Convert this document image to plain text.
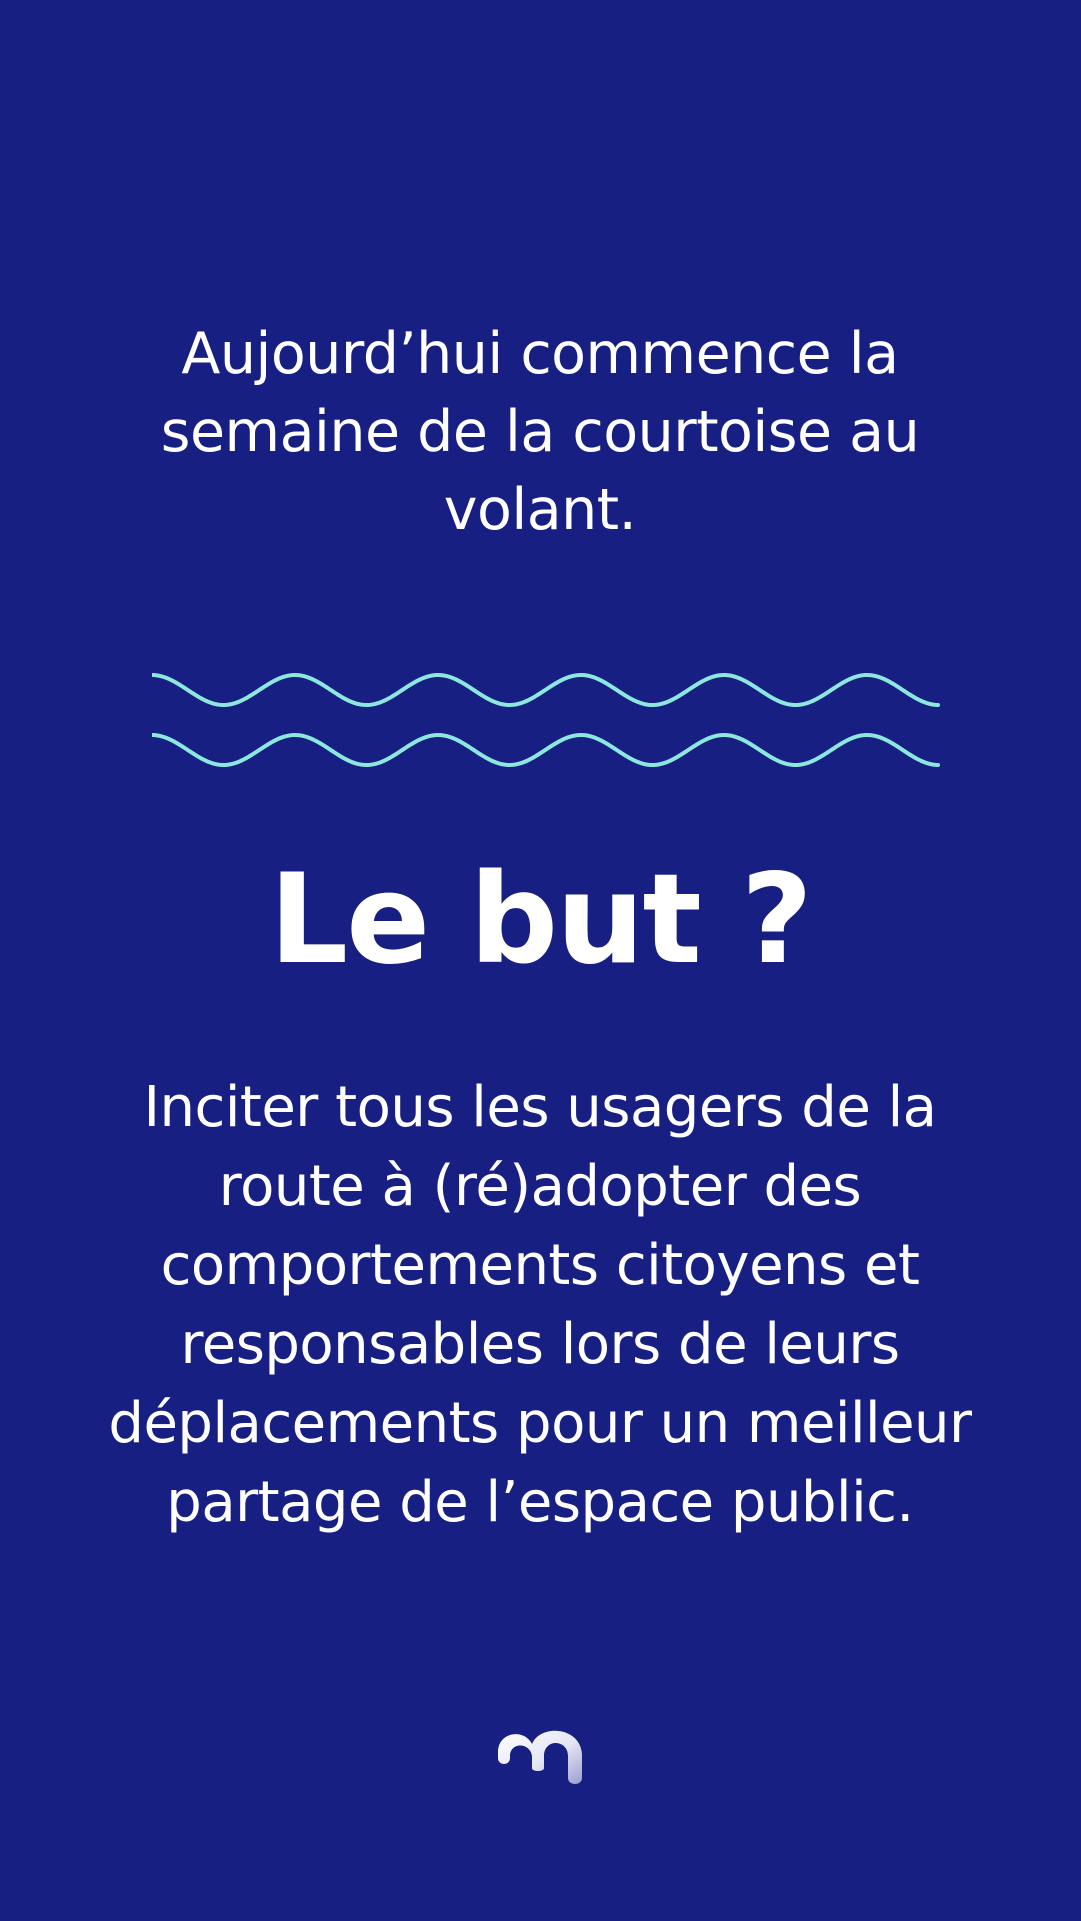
Aujourd’hui commence la semaine de la courtoise au volant.

Le but ?

Inciter tous les usagers de la route à (ré)adopter des comportements citoyens et responsables lors de leurs déplacements pour un meilleur partage de l’espace public.
